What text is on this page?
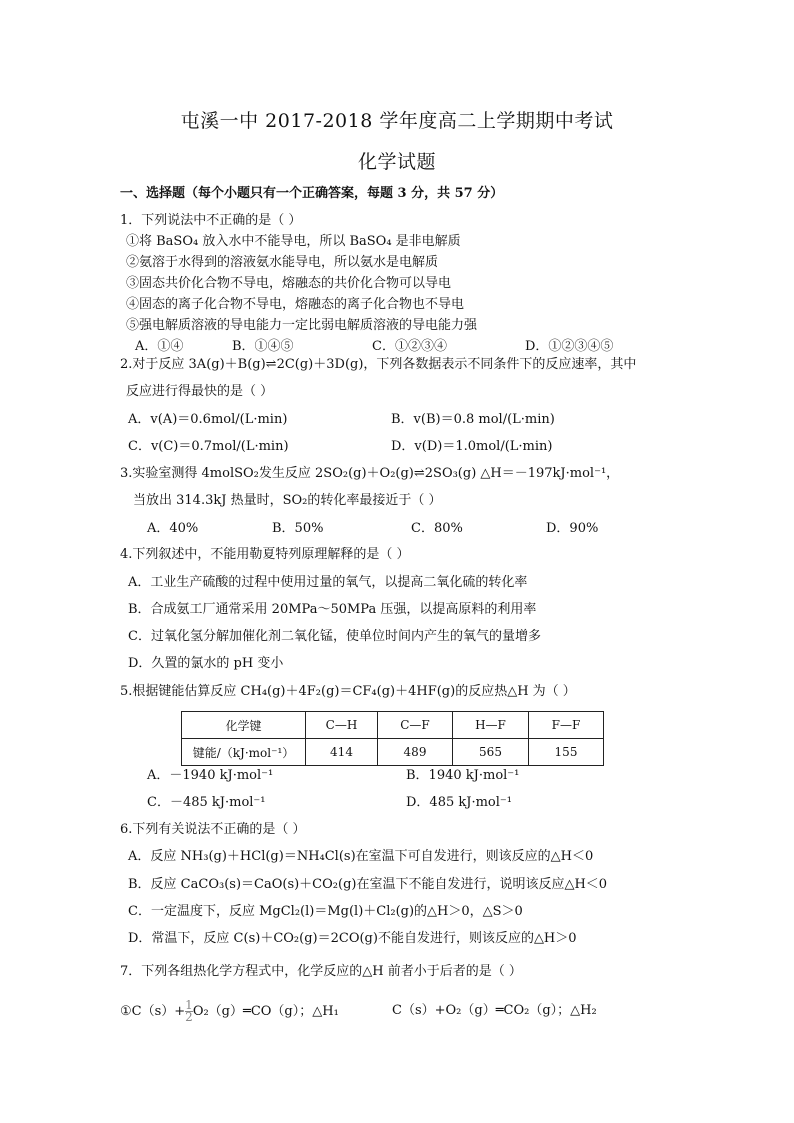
屯溪一中 2017-2018 学年度高二上学期期中考试
化学试题
一、选择题（每个小题只有一个正确答案，每题 3 分，共 57 分）
1．下列说法中不正确的是（ ）
①将 BaSO₄ 放入水中不能导电，所以 BaSO₄ 是非电解质
②氨溶于水得到的溶液氨水能导电，所以氨水是电解质
③固态共价化合物不导电，熔融态的共价化合物可以导电
④固态的离子化合物不导电，熔融态的离子化合物也不导电
⑤强电解质溶液的导电能力一定比弱电解质溶液的导电能力强
A．①④	B．①④⑤	C．①②③④	D．①②③④⑤
2.对于反应 3A(g)＋B(g)⇌2C(g)＋3D(g)，下列各数据表示不同条件下的反应速率，其中
反应进行得最快的是（ ）
A．v(A)＝0.6mol/(L·min)	B．v(B)＝0.8 mol/(L·min)
C．v(C)＝0.7mol/(L·min)	D．v(D)＝1.0mol/(L·min)
3.实验室测得 4molSO₂发生反应 2SO₂(g)＋O₂(g)⇌2SO₃(g) △H＝－197kJ·mol⁻¹，
当放出 314.3kJ 热量时，SO₂的转化率最接近于（ ）
A．40%	B．50%	C．80%	D．90%
4.下列叙述中，不能用勒夏特列原理解释的是（ ）
A．工业生产硫酸的过程中使用过量的氧气，以提高二氧化硫的转化率
B．合成氨工厂通常采用 20MPa～50MPa 压强，以提高原料的利用率
C．过氧化氢分解加催化剂二氧化锰，使单位时间内产生的氧气的量增多
D．久置的氯水的 pH 变小
5.根据键能估算反应 CH₄(g)＋4F₂(g)＝CF₄(g)＋4HF(g)的反应热△H 为（ ）
化学键	C—H	C—F	H—F	F—F
键能/（kJ·mol⁻¹）	414	489	565	155
A．－1940 kJ·mol⁻¹	B．1940 kJ·mol⁻¹
C．－485 kJ·mol⁻¹	D．485 kJ·mol⁻¹
6.下列有关说法不正确的是（ ）
A．反应 NH₃(g)＋HCl(g)＝NH₄Cl(s)在室温下可自发进行，则该反应的△H＜0
B．反应 CaCO₃(s)＝CaO(s)＋CO₂(g)在室温下不能自发进行，说明该反应△H＜0
C．一定温度下，反应 MgCl₂(l)＝Mg(l)＋Cl₂(g)的△H＞0，△S＞0
D．常温下，反应 C(s)＋CO₂(g)＝2CO(g)不能自发进行，则该反应的△H＞0
7．下列各组热化学方程式中，化学反应的△H 前者小于后者的是（ ）
①C（s）+ $\frac{1}{2}$ O₂（g）═CO（g）；△H₁	C（s）+O₂（g）═CO₂（g）；△H₂
